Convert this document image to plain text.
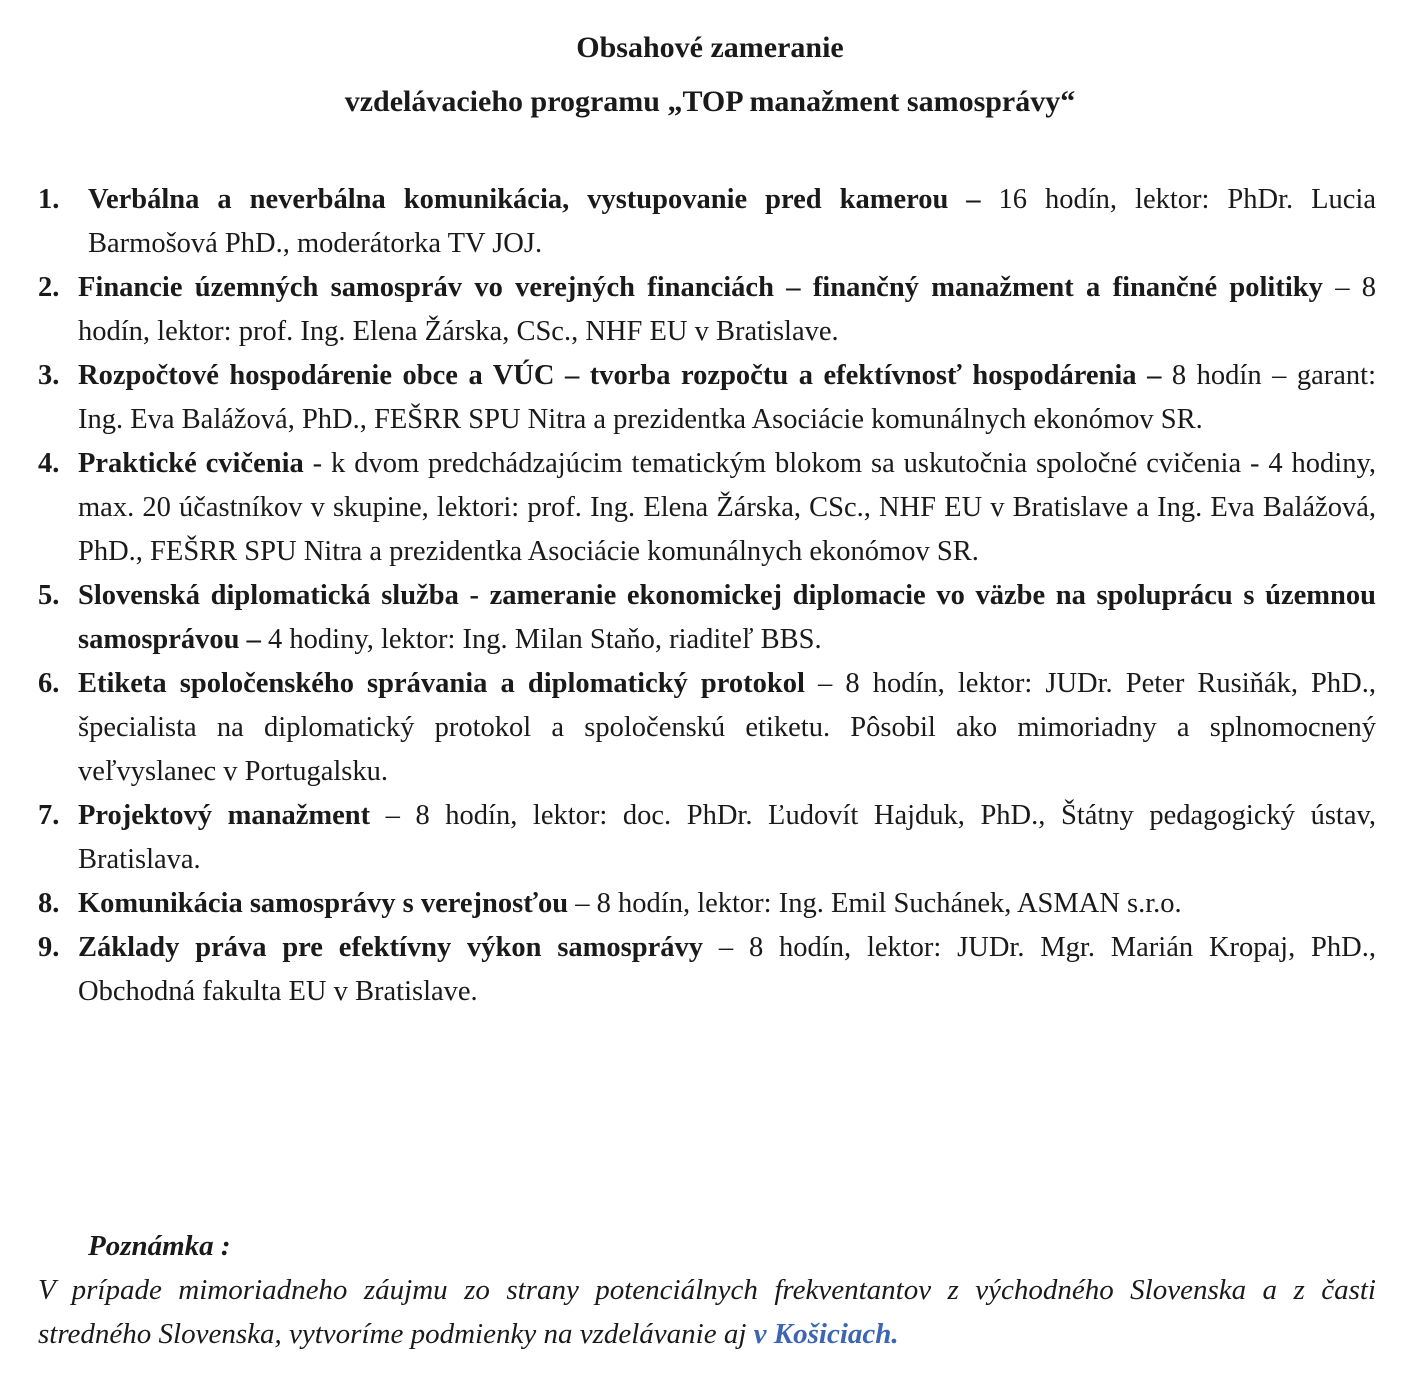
Obsahové zameranie
vzdelávacieho programu „TOP manažment samosprávy“
1. Verbálna a neverbálna komunikácia, vystupovanie pred kamerou – 16 hodín, lektor: PhDr. Lucia Barmošová PhD., moderátorka TV JOJ.
2. Financie územných samospráv vo verejných financiách – finančný manažment a finančné politiky – 8 hodín, lektor: prof. Ing. Elena Žárska, CSc., NHF EU v Bratislave.
3. Rozpočtové hospodárenie obce a VÚC – tvorba rozpočtu a efektívnosť hospodárenia – 8 hodín – garant: Ing. Eva Balážová, PhD., FEŠRR SPU Nitra a prezidentka Asociácie komunálnych ekonómov SR.
4. Praktické cvičenia - k dvom predchádzajúcim tematickým blokom sa uskutočnia spoločné cvičenia - 4 hodiny, max. 20 účastníkov v skupine, lektori: prof. Ing. Elena Žárska, CSc., NHF EU v Bratislave a Ing. Eva Balážová, PhD., FEŠRR SPU Nitra a prezidentka Asociácie komunálnych ekonómov SR.
5. Slovenská diplomatická služba - zameranie ekonomickej diplomacie vo väzbe na spoluprácu s územnou samosprávou – 4 hodiny, lektor: Ing. Milan Staňo, riaditeľ BBS.
6. Etiketa spoločenského správania a diplomatický protokol – 8 hodín, lektor: JUDr. Peter Rusiňák, PhD., špecialista na diplomatický protokol a spoločenskú etiketu. Pôsobil ako mimoriadny a splnomocnený veľvyslanec v Portugalsku.
7. Projektový manažment – 8 hodín, lektor: doc. PhDr. Ľudovít Hajduk, PhD., Štátny pedagogický ústav, Bratislava.
8. Komunikácia samosprávy s verejnosťou – 8 hodín, lektor: Ing. Emil Suchánek, ASMAN s.r.o.
9. Základy práva pre efektívny výkon samosprávy – 8 hodín, lektor: JUDr. Mgr. Marián Kropaj, PhD., Obchodná fakulta EU v Bratislave.

Poznámka :

V prípade mimoriadneho záujmu zo strany potenciálnych frekventantov z východného Slovenska a z časti stredného Slovenska, vytvoríme podmienky na vzdelávanie aj v Košiciach.
